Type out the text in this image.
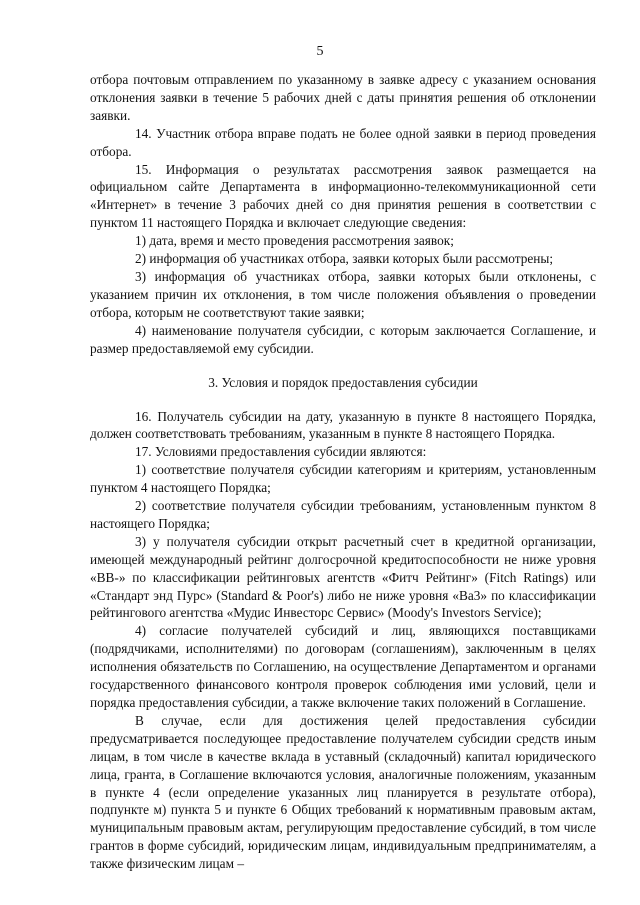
5

отбора почтовым отправлением по указанному в заявке адресу с указанием основания отклонения заявки в течение 5 рабочих дней с даты принятия решения об отклонении заявки.

14. Участник отбора вправе подать не более одной заявки в период проведения отбора.

15. Информация о результатах рассмотрения заявок размещается на официальном сайте Департамента в информационно-телекоммуникационной сети «Интернет» в течение 3 рабочих дней со дня принятия решения в соответствии с пунктом 11 настоящего Порядка и включает следующие сведения:

1) дата, время и место проведения рассмотрения заявок;

2) информация об участниках отбора, заявки которых были рассмотрены;

3) информация об участниках отбора, заявки которых были отклонены, с указанием причин их отклонения, в том числе положения объявления о проведении отбора, которым не соответствуют такие заявки;

4) наименование получателя субсидии, с которым заключается Соглашение, и размер предоставляемой ему субсидии.

3. Условия и порядок предоставления субсидии

16. Получатель субсидии на дату, указанную в пункте 8 настоящего Порядка, должен соответствовать требованиям, указанным в пункте 8 настоящего Порядка.

17. Условиями предоставления субсидии являются:

1) соответствие получателя субсидии категориям и критериям, установленным пунктом 4 настоящего Порядка;

2) соответствие получателя субсидии требованиям, установленным пунктом 8 настоящего Порядка;

3) у получателя субсидии открыт расчетный счет в кредитной организации, имеющей международный рейтинг долгосрочной кредитоспособности не ниже уровня «BB-» по классификации рейтинговых агентств «Фитч Рейтинг» (Fitch Ratings) или «Стандарт энд Пурс» (Standard & Poor's) либо не ниже уровня «Ba3» по классификации рейтингового агентства «Мудис Инвесторс Сервис» (Moody's Investors Service);

4) согласие получателей субсидий и лиц, являющихся поставщиками (подрядчиками, исполнителями) по договорам (соглашениям), заключенным в целях исполнения обязательств по Соглашению, на осуществление Департаментом и органами государственного финансового контроля проверок соблюдения ими условий, цели и порядка предоставления субсидии, а также включение таких положений в Соглашение.

В случае, если для достижения целей предоставления субсидии предусматривается последующее предоставление получателем субсидии средств иным лицам, в том числе в качестве вклада в уставный (складочный) капитал юридического лица, гранта, в Соглашение включаются условия, аналогичные положениям, указанным в пункте 4 (если определение указанных лиц планируется в результате отбора), подпункте м) пункта 5 и пункте 6 Общих требований к нормативным правовым актам, муниципальным правовым актам, регулирующим предоставление субсидий, в том числе грантов в форме субсидий, юридическим лицам, индивидуальным предпринимателям, а также физическим лицам –
